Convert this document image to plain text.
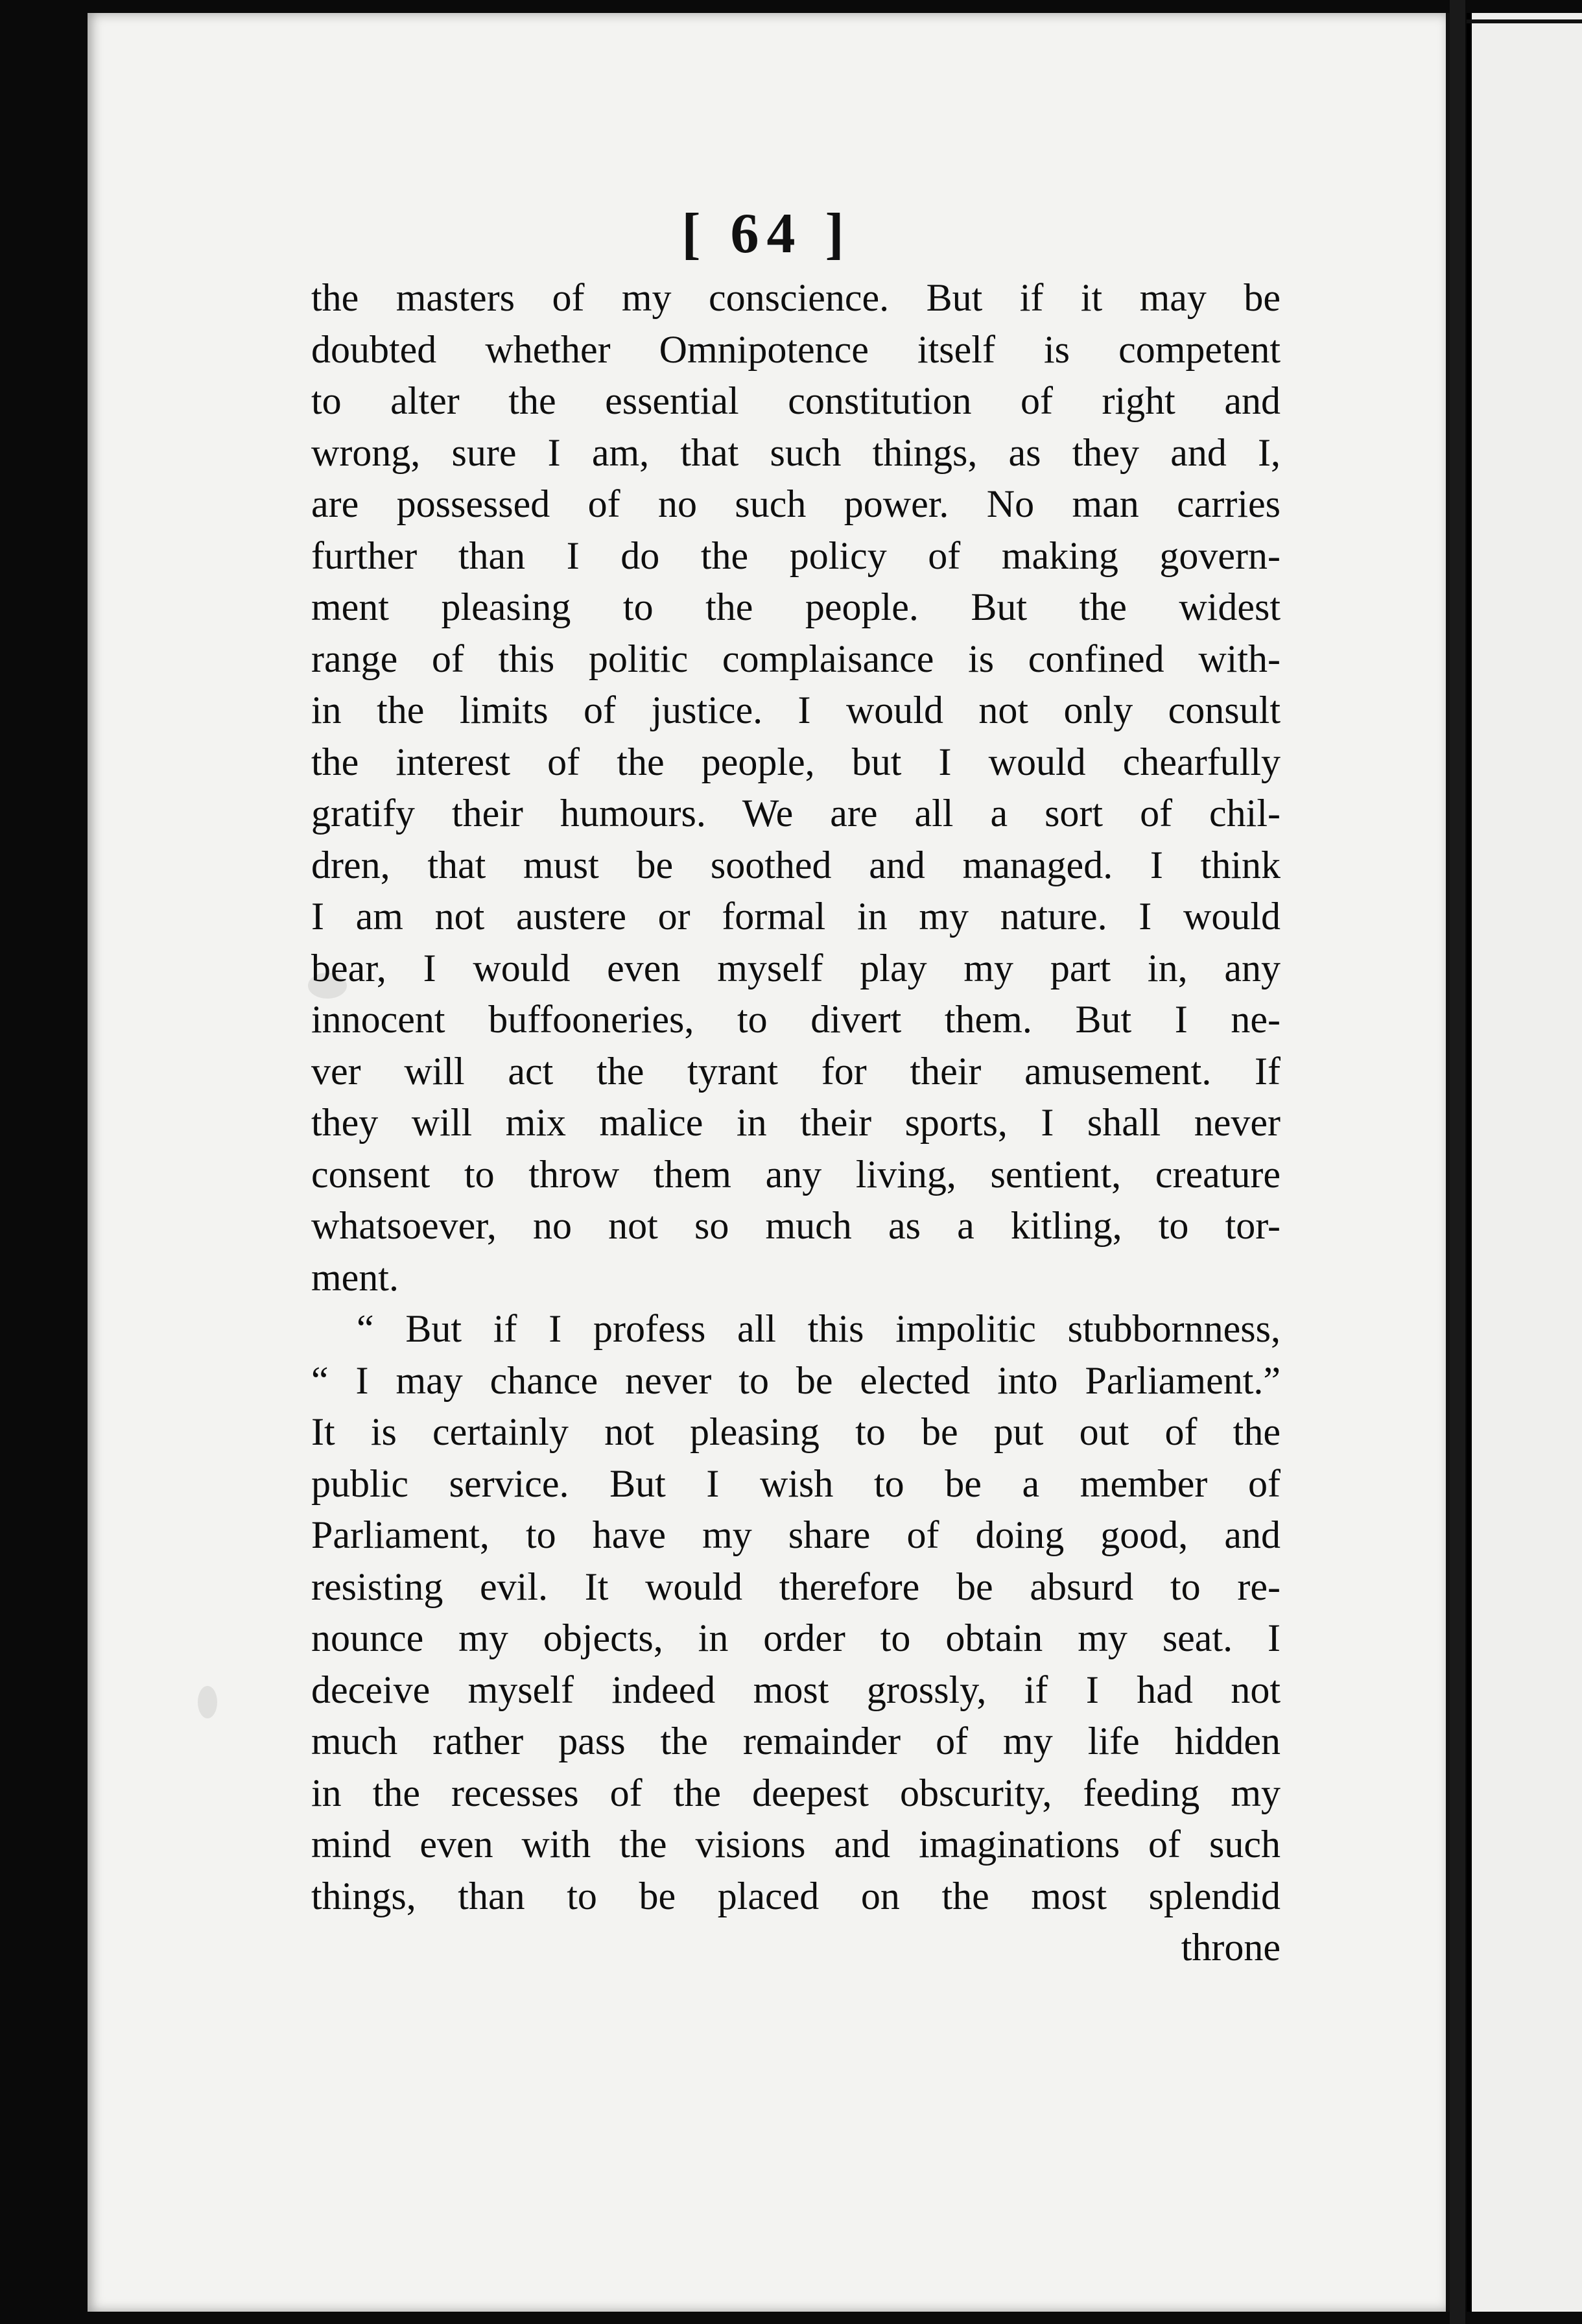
[ 64 ]
the masters of my conscience. But if it may be
doubted whether Omnipotence itself is competent
to alter the essential constitution of right and
wrong, sure I am, that such things, as they and I,
are possessed of no such power. No man carries
further than I do the policy of making govern-
ment pleasing to the people. But the widest
range of this politic complaisance is confined with-
in the limits of justice. I would not only consult
the interest of the people, but I would chearfully
gratify their humours. We are all a sort of chil-
dren, that must be soothed and managed. I think
I am not austere or formal in my nature. I would
bear, I would even myself play my part in, any
innocent buffooneries, to divert them. But I ne-
ver will act the tyrant for their amusement. If
they will mix malice in their sports, I shall never
consent to throw them any living, sentient, creature
whatsoever, no not so much as a kitling, to tor-
ment.
“ But if I profess all this impolitic stubbornness,
“ I may chance never to be elected into Parliament.”
It is certainly not pleasing to be put out of the
public service. But I wish to be a member of
Parliament, to have my share of doing good, and
resisting evil. It would therefore be absurd to re-
nounce my objects, in order to obtain my seat. I
deceive myself indeed most grossly, if I had not
much rather pass the remainder of my life hidden
in the recesses of the deepest obscurity, feeding my
mind even with the visions and imaginations of such
things, than to be placed on the most splendid
throne
